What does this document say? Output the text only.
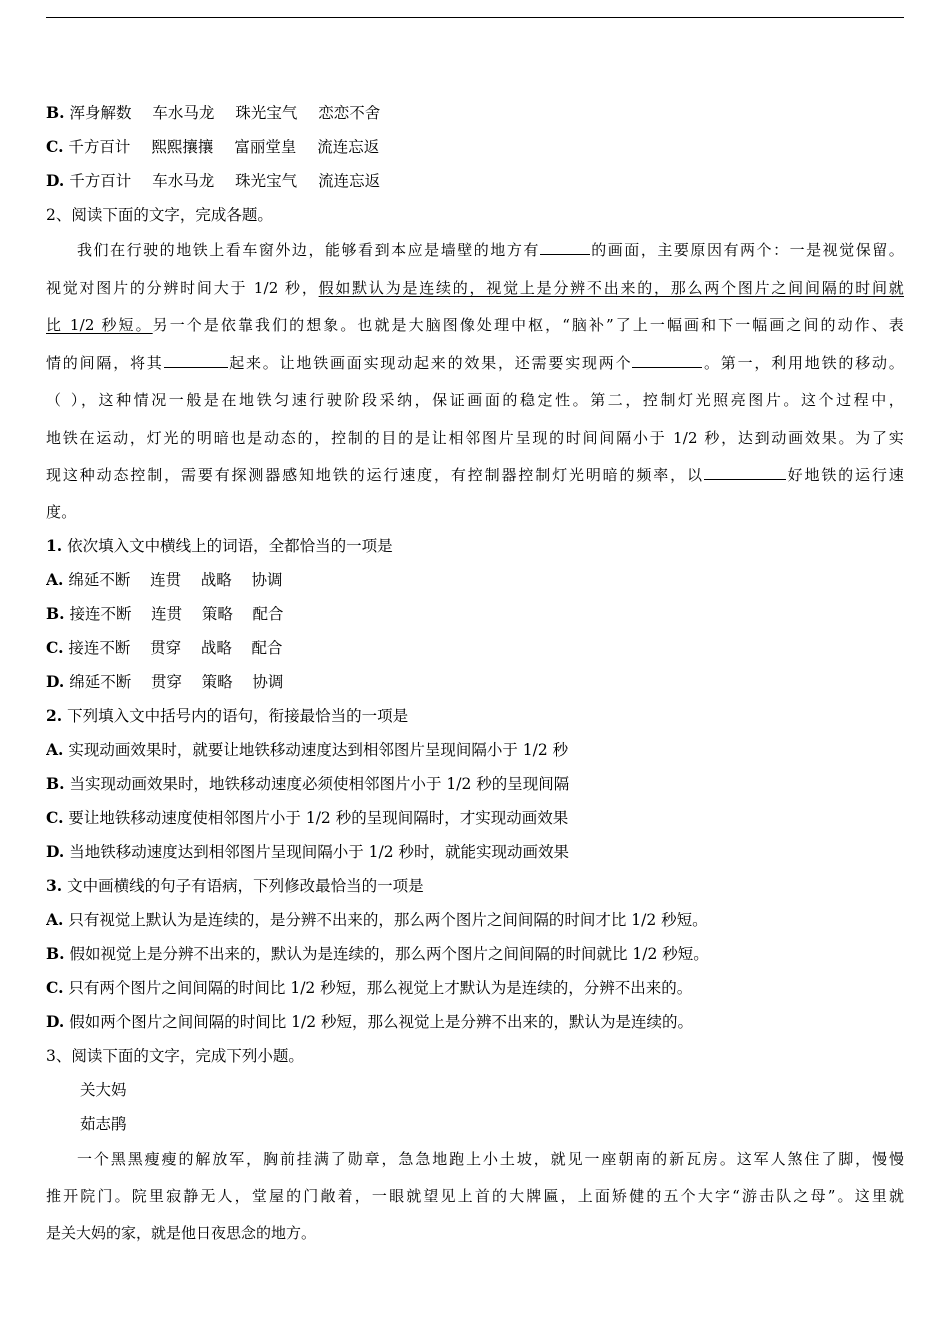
B. 浑身解数 车水马龙 珠光宝气 恋恋不舍
C. 千方百计 熙熙攘攘 富丽堂皇 流连忘返
D. 千方百计 车水马龙 珠光宝气 流连忘返
2、阅读下面的文字，完成各题。
我们在行驶的地铁上看车窗外边，能够看到本应是墙壁的地方有	的画面，主要原因有两个：一是视觉保留。
视觉对图片的分辨时间大于 1/2 秒，假如默认为是连续的，视觉上是分辨不出来的，那么两个图片之间间隔的时间就
比 1/2 秒短。另一个是依靠我们的想象。也就是大脑图像处理中枢，“脑补”了上一幅画和下一幅画之间的动作、表
情的间隔，将其	起来。让地铁画面实现动起来的效果，还需要实现两个	。第一，利用地铁的移动。
（ ），这种情况一般是在地铁匀速行驶阶段采纳，保证画面的稳定性。第二，控制灯光照亮图片。这个过程中，
地铁在运动，灯光的明暗也是动态的，控制的目的是让相邻图片呈现的时间间隔小于 1/2 秒，达到动画效果。为了实
现这种动态控制，需要有探测器感知地铁的运行速度，有控制器控制灯光明暗的频率，以	好地铁的运行速
度。
1. 依次填入文中横线上的词语，全都恰当的一项是
A. 绵延不断    连贯    战略    协调
B. 接连不断    连贯    策略    配合
C. 接连不断    贯穿    战略    配合
D. 绵延不断    贯穿    策略    协调
2. 下列填入文中括号内的语句，衔接最恰当的一项是
A. 实现动画效果时，就要让地铁移动速度达到相邻图片呈现间隔小于 1/2 秒
B. 当实现动画效果时，地铁移动速度必须使相邻图片小于 1/2 秒的呈现间隔
C. 要让地铁移动速度使相邻图片小于 1/2 秒的呈现间隔时，才实现动画效果
D. 当地铁移动速度达到相邻图片呈现间隔小于 1/2 秒时，就能实现动画效果
3. 文中画横线的句子有语病，下列修改最恰当的一项是
A. 只有视觉上默认为是连续的，是分辨不出来的，那么两个图片之间间隔的时间才比 1/2 秒短。
B. 假如视觉上是分辨不出来的，默认为是连续的，那么两个图片之间间隔的时间就比 1/2 秒短。
C. 只有两个图片之间间隔的时间比 1/2 秒短，那么视觉上才默认为是连续的，分辨不出来的。
D. 假如两个图片之间间隔的时间比 1/2 秒短，那么视觉上是分辨不出来的，默认为是连续的。
3、阅读下面的文字，完成下列小题。
关大妈
茹志鹃
一个黑黑瘦瘦的解放军，胸前挂满了勋章，急急地跑上小土坡，就见一座朝南的新瓦房。这军人煞住了脚，慢慢
推开院门。院里寂静无人，堂屋的门敞着，一眼就望见上首的大牌匾，上面矫健的五个大字“游击队之母”。这里就
是关大妈的家，就是他日夜思念的地方。
